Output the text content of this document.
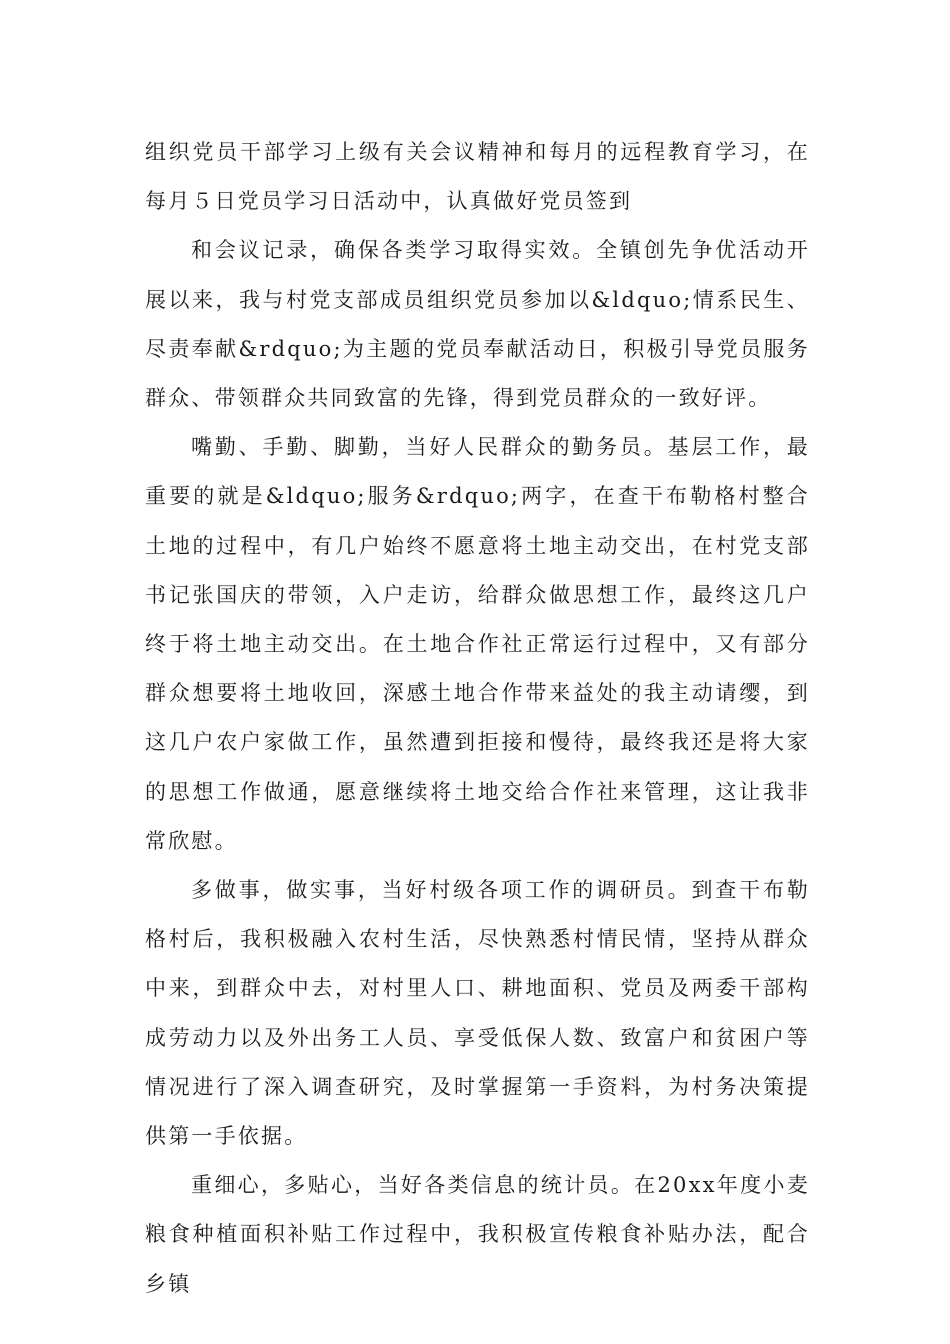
组织党员干部学习上级有关会议精神和每月的远程教育学习，在每月５日党员学习日活动中，认真做好党员签到

和会议记录，确保各类学习取得实效。全镇创先争优活动开展以来，我与村党支部成员组织党员参加以&ldquo;情系民生、尽责奉献&rdquo;为主题的党员奉献活动日，积极引导党员服务群众、带领群众共同致富的先锋，得到党员群众的一致好评。

嘴勤、手勤、脚勤，当好人民群众的勤务员。基层工作，最重要的就是&ldquo;服务&rdquo;两字，在查干布勒格村整合土地的过程中，有几户始终不愿意将土地主动交出，在村党支部书记张国庆的带领，入户走访，给群众做思想工作，最终这几户终于将土地主动交出。在土地合作社正常运行过程中，又有部分群众想要将土地收回，深感土地合作带来益处的我主动请缨，到这几户农户家做工作，虽然遭到拒接和慢待，最终我还是将大家的思想工作做通，愿意继续将土地交给合作社来管理，这让我非常欣慰。

多做事，做实事，当好村级各项工作的调研员。到查干布勒格村后，我积极融入农村生活，尽快熟悉村情民情，坚持从群众中来，到群众中去，对村里人口、耕地面积、党员及两委干部构成劳动力以及外出务工人员、享受低保人数、致富户和贫困户等情况进行了深入调查研究，及时掌握第一手资料，为村务决策提供第一手依据。

重细心，多贴心，当好各类信息的统计员。在20xx年度小麦粮食种植面积补贴工作过程中，我积极宣传粮食补贴办法，配合乡镇
